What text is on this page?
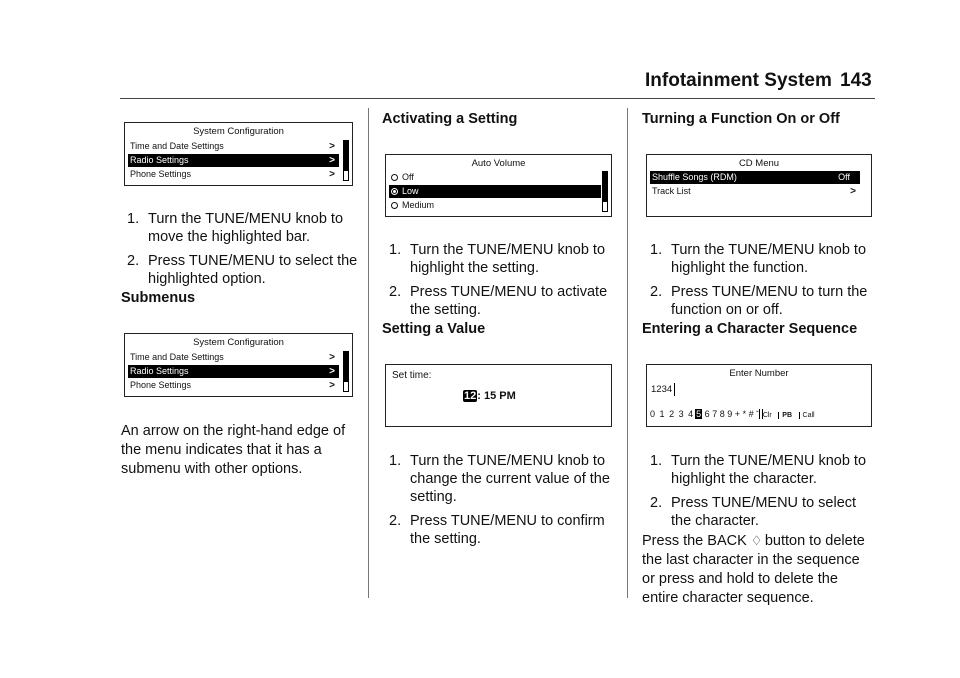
Infotainment System 143
System Configuration
Time and Date Settings	>
Radio Settings	>
Phone Settings	>
1. Turn the TUNE/MENU knob to move the highlighted bar.
2. Press TUNE/MENU to select the highlighted option.
Submenus
System Configuration
Time and Date Settings	>
Radio Settings	>
Phone Settings	>
An arrow on the right-hand edge of the menu indicates that it has a submenu with other options.
Activating a Setting
Auto Volume
Off
Low
Medium
1. Turn the TUNE/MENU knob to highlight the setting.
2. Press TUNE/MENU to activate the setting.
Setting a Value
Set time:
12: 15 PM
1. Turn the TUNE/MENU knob to change the current value of the setting.
2. Press TUNE/MENU to confirm the setting.
Turning a Function On or Off
CD Menu
Shuffle Songs (RDM)	Off
Track List	>
1. Turn the TUNE/MENU knob to highlight the function.
2. Press TUNE/MENU to turn the function on or off.
Entering a Character Sequence
Enter Number
1234
0 1 2 3 45 6 7 8 9 + * # ˇ Clr PB Call
1. Turn the TUNE/MENU knob to highlight the character.
2. Press TUNE/MENU to select the character.
Press the BACK ♢ button to delete the last character in the sequence or press and hold to delete the entire character sequence.
